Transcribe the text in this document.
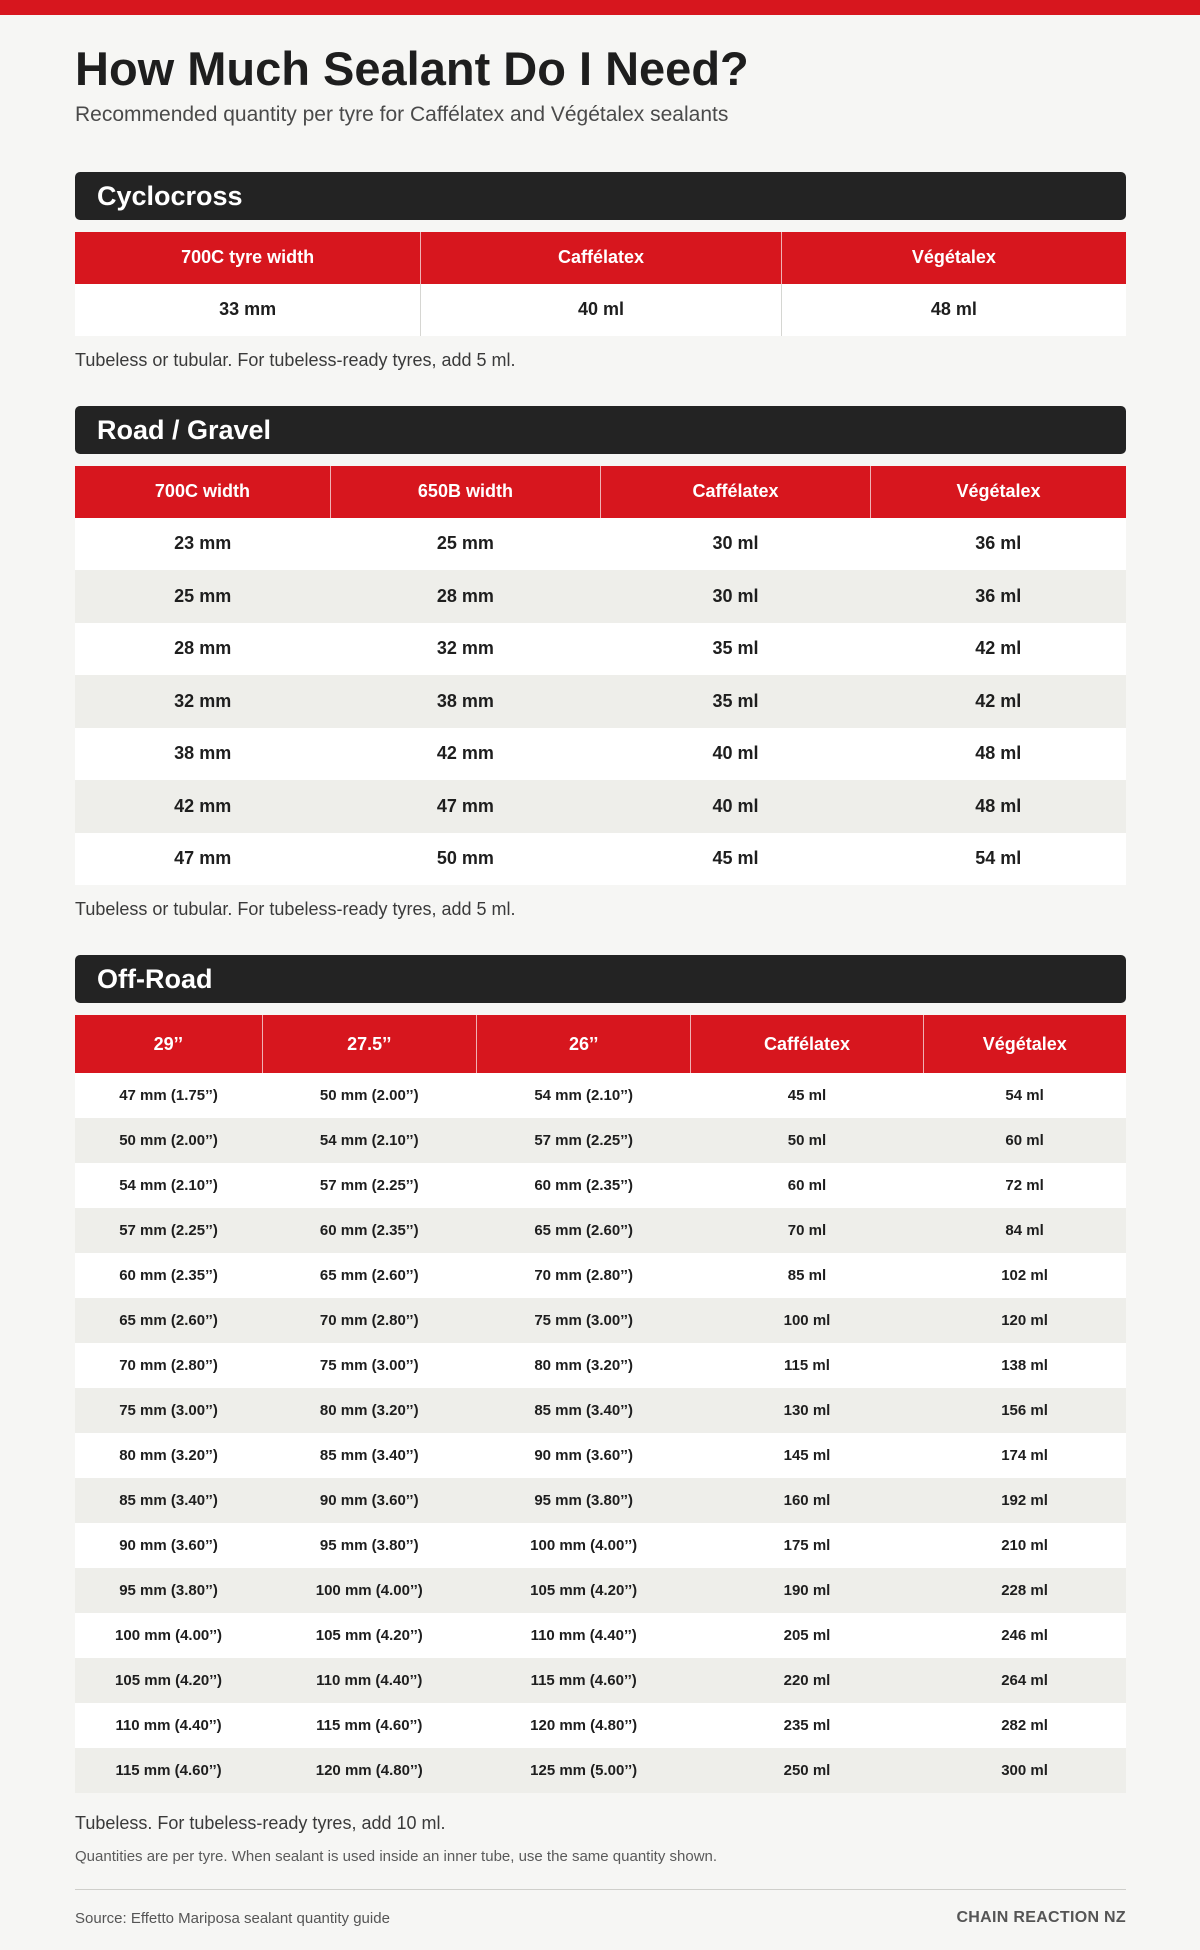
How Much Sealant Do I Need?

Recommended quantity per tyre for Caffélatex and Végétalex sealants

Cyclocross
700C tyre width	Caffélatex	Végétalex
33 mm	40 ml	48 ml

Tubeless or tubular. For tubeless-ready tyres, add 5 ml.

Road / Gravel
700C width	650B width	Caffélatex	Végétalex
23 mm	25 mm	30 ml	36 ml
25 mm	28 mm	30 ml	36 ml
28 mm	32 mm	35 ml	42 ml
32 mm	38 mm	35 ml	42 ml
38 mm	42 mm	40 ml	48 ml
42 mm	47 mm	40 ml	48 ml
47 mm	50 mm	45 ml	54 ml

Tubeless or tubular. For tubeless-ready tyres, add 5 ml.

Off-Road
29’’	27.5’’	26’’	Caffélatex	Végétalex
47 mm (1.75’’)	50 mm (2.00’’)	54 mm (2.10’’)	45 ml	54 ml
50 mm (2.00’’)	54 mm (2.10’’)	57 mm (2.25’’)	50 ml	60 ml
54 mm (2.10’’)	57 mm (2.25’’)	60 mm (2.35’’)	60 ml	72 ml
57 mm (2.25’’)	60 mm (2.35’’)	65 mm (2.60’’)	70 ml	84 ml
60 mm (2.35’’)	65 mm (2.60’’)	70 mm (2.80’’)	85 ml	102 ml
65 mm (2.60’’)	70 mm (2.80’’)	75 mm (3.00’’)	100 ml	120 ml
70 mm (2.80’’)	75 mm (3.00’’)	80 mm (3.20’’)	115 ml	138 ml
75 mm (3.00’’)	80 mm (3.20’’)	85 mm (3.40’’)	130 ml	156 ml
80 mm (3.20’’)	85 mm (3.40’’)	90 mm (3.60’’)	145 ml	174 ml
85 mm (3.40’’)	90 mm (3.60’’)	95 mm (3.80’’)	160 ml	192 ml
90 mm (3.60’’)	95 mm (3.80’’)	100 mm (4.00’’)	175 ml	210 ml
95 mm (3.80’’)	100 mm (4.00’’)	105 mm (4.20’’)	190 ml	228 ml
100 mm (4.00’’)	105 mm (4.20’’)	110 mm (4.40’’)	205 ml	246 ml
105 mm (4.20’’)	110 mm (4.40’’)	115 mm (4.60’’)	220 ml	264 ml
110 mm (4.40’’)	115 mm (4.60’’)	120 mm (4.80’’)	235 ml	282 ml
115 mm (4.60’’)	120 mm (4.80’’)	125 mm (5.00’’)	250 ml	300 ml

Tubeless. For tubeless-ready tyres, add 10 ml.

Quantities are per tyre. When sealant is used inside an inner tube, use the same quantity shown.

Source: Effetto Mariposa sealant quantity guide	CHAIN REACTION NZ
